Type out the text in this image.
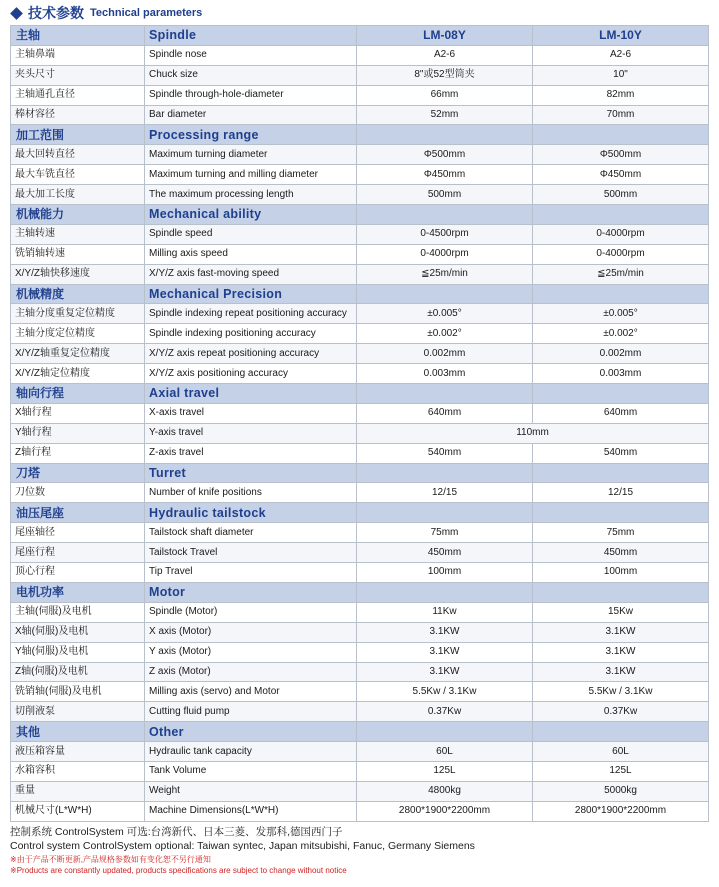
技术参数 Technical parameters
主轴	Spindle	LM-08Y	LM-10Y
主轴鼻端	Spindle nose	A2-6	A2-6
夹头尺寸	Chuck size	8"或52型筒夹	10"
主轴通孔直径	Spindle through-hole-diameter	66mm	82mm
棒材容径	Bar diameter	52mm	70mm
加工范围	Processing range		
最大回转直径	Maximum turning diameter	Φ500mm	Φ500mm
最大车铣直径	Maximum turning and milling diameter	Φ450mm	Φ450mm
最大加工长度	The maximum processing length	500mm	500mm
机械能力	Mechanical ability		
主轴转速	Spindle speed	0-4500rpm	0-4000rpm
铣销轴转速	Milling axis speed	0-4000rpm	0-4000rpm
X/Y/Z轴快移速度	X/Y/Z axis fast-moving speed	≦25m/min	≦25m/min
机械精度	Mechanical Precision		
主轴分度重复定位精度	Spindle indexing repeat positioning accuracy	±0.005°	±0.005°
主轴分度定位精度	Spindle indexing positioning accuracy	±0.002°	±0.002°
X/Y/Z轴重复定位精度	X/Y/Z axis repeat positioning accuracy	0.002mm	0.002mm
X/Y/Z轴定位精度	X/Y/Z axis positioning accuracy	0.003mm	0.003mm
轴向行程	Axial travel		
X轴行程	X-axis travel	640mm	640mm
Y轴行程	Y-axis travel	110mm	
Z轴行程	Z-axis travel	540mm	540mm
刀塔	Turret		
刀位数	Number of knife positions	12/15	12/15
油压尾座	Hydraulic tailstock		
尾座轴径	Tailstock shaft diameter	75mm	75mm
尾座行程	Tailstock Travel	450mm	450mm
顶心行程	Tip Travel	100mm	100mm
电机功率	Motor		
主轴(伺服)及电机	Spindle (Motor)	11Kw	15Kw
X轴(伺服)及电机	X axis (Motor)	3.1KW	3.1KW
Y轴(伺服)及电机	Y axis (Motor)	3.1KW	3.1KW
Z轴(伺服)及电机	Z axis (Motor)	3.1KW	3.1KW
铣销轴(伺服)及电机	Milling axis (servo) and Motor	5.5Kw / 3.1Kw	5.5Kw / 3.1Kw
切削液泵	Cutting fluid pump	0.37Kw	0.37Kw
其他	Other		
液压箱容量	Hydraulic tank capacity	60L	60L
水箱容积	Tank Volume	125L	125L
重量	Weight	4800kg	5000kg
机械尺寸(L*W*H)	Machine Dimensions(L*W*H)	2800*1900*2200mm	2800*1900*2200mm
控制系统 ControlSystem 可选:台湾新代、日本三菱、发那科,德国西门子
Control system ControlSystem optional: Taiwan syntec, Japan mitsubishi, Fanuc, Germany Siemens
※由于产品不断更新,产品规格参数如有变化恕不另行通知
※Products are constantly updated, products specifications are subject to change without notice
